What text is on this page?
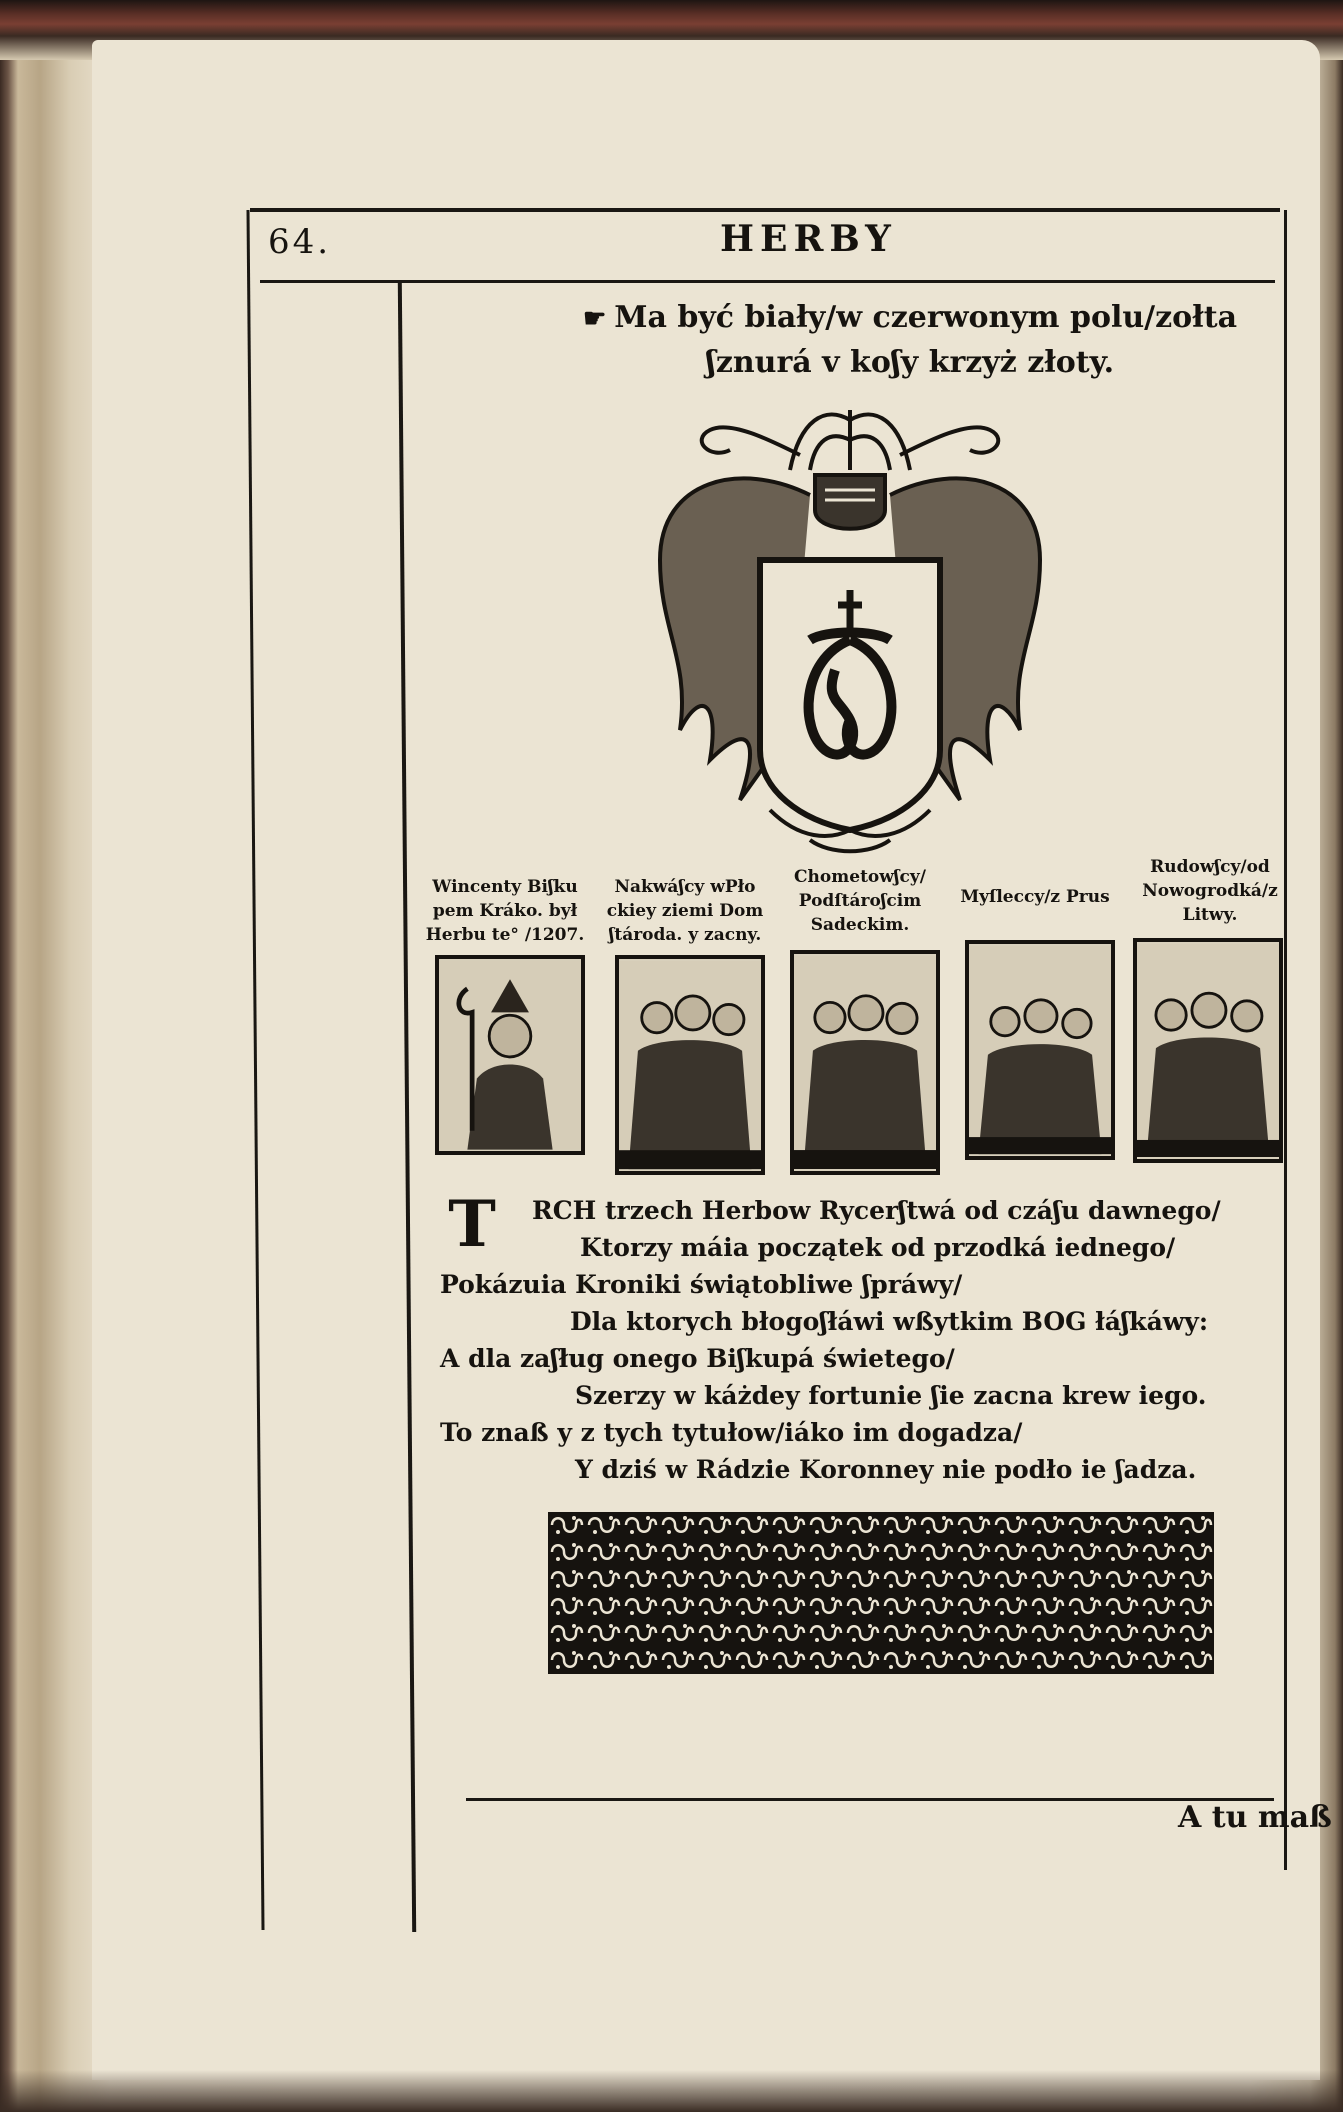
64.	HERBY
☛ Ma być biały/w czerwonym polu/zołta
ʃznurá v koʃy krzyż złoty.
Wincenty Biʃku
pem Kráko. był
Herbu te° /1207.
Nakwáʃcy wPło
ckiey ziemi Dom
ʃtároda. y zacny.
Chometowʃcy/
Podſtároʃcim
Sadeckim.
Myſleccy/z Prus
Rudowʃcy/od
Nowogrodká/z
Litwy.
T	RCH trzech Herbow Rycerʃtwá od czáʃu dawnego/
Ktorzy máia początek od przodká iednego/
Pokázuia Kroniki świątobliwe ʃpráwy/
Dla ktorych błogoʃłáwi wßytkim BOG łáʃkáwy:
A dla zaʃług onego Biʃkupá świetego/
Szerzy w káżdey fortunie ʃie zacna krew iego.
To znaß y z tych tytułow/iáko im dogadza/
Y dziś w Rádzie Koronney nie podło ie ʃadza.
A tu maß
